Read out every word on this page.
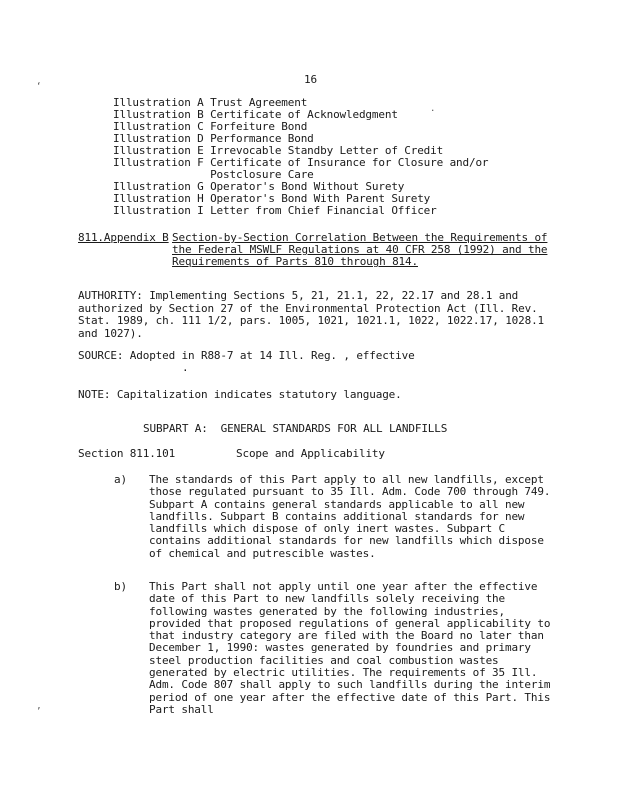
16
Illustration A Trust Agreement
Illustration B Certificate of Acknowledgment
Illustration C Forfeiture Bond
Illustration D Performance Bond
Illustration E Irrevocable Standby Letter of Credit
Illustration F Certificate of Insurance for Closure and/or
Postclosure Care
Illustration G Operator's Bond Without Surety
Illustration H Operator's Bond With Parent Surety
Illustration I Letter from Chief Financial Officer
811.Appendix B Section-by-Section Correlation Between the Requirements of the Federal MSWLF Regulations at 40 CFR 258 (1992) and the Requirements of Parts 810 through 814.
AUTHORITY: Implementing Sections 5, 21, 21.1, 22, 22.17 and 28.1 and authorized by Section 27 of the Environmental Protection Act (Ill. Rev. Stat. 1989, ch. 111 1/2, pars. 1005, 1021, 1021.1, 1022, 1022.17, 1028.1 and 1027).
SOURCE: Adopted in R88-7 at 14 Ill. Reg. , effective
.
NOTE: Capitalization indicates statutory language.
SUBPART A:  GENERAL STANDARDS FOR ALL LANDFILLS
Section 811.101	Scope and Applicability
a) The standards of this Part apply to all new landfills, except those regulated pursuant to 35 Ill. Adm. Code 700 through 749. Subpart A contains general standards applicable to all new landfills. Subpart B contains additional standards for new landfills which dispose of only inert wastes. Subpart C contains additional standards for new landfills which dispose of chemical and putrescible wastes.
b) This Part shall not apply until one year after the effective date of this Part to new landfills solely receiving the following wastes generated by the following industries, provided that proposed regulations of general applicability to that industry category are filed with the Board no later than December 1, 1990: wastes generated by foundries and primary steel production facilities and coal combustion wastes generated by electric utilities. The requirements of 35 Ill. Adm. Code 807 shall apply to such landfills during the interim period of one year after the effective date of this Part. This Part shall
‘
’
.
